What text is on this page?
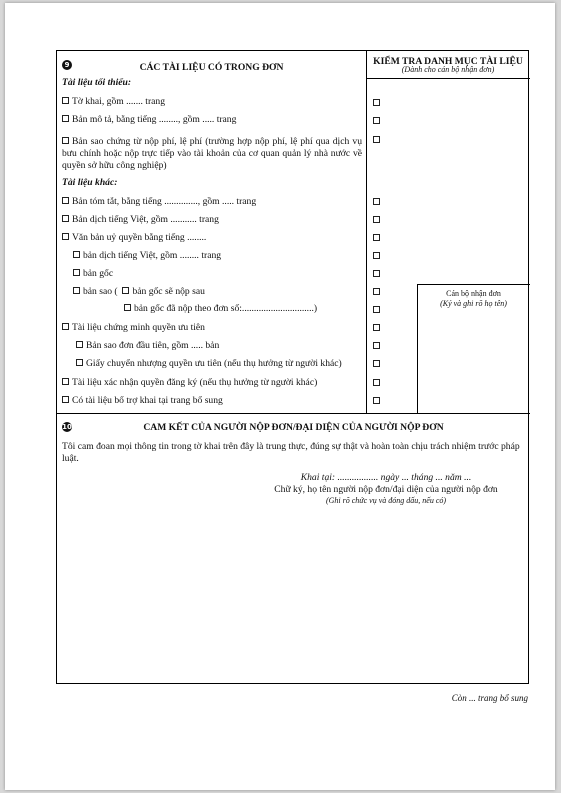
9	CÁC TÀI LIỆU CÓ TRONG ĐƠN
Tài liệu tối thiểu:
Tờ khai, gồm ....... trang
Bản mô tả, bằng tiếng ........, gồm ..... trang
Bản sao chứng từ nộp phí, lệ phí (trường hợp nộp phí, lệ phí qua dịch vụ bưu chính hoặc nộp trực tiếp vào tài khoản của cơ quan quản lý nhà nước về quyền sở hữu công nghiệp)
Tài liệu khác:
Bản tóm tắt, bằng tiếng .............., gồm ..... trang
Bản dịch tiếng Việt, gồm ........... trang
Văn bản uỷ quyền bằng tiếng ........
bản dịch tiếng Việt, gồm ........ trang
bản gốc
bản sao ( bản gốc sẽ nộp sau
bản gốc đã nộp theo đơn số:..............................)
Tài liệu chứng minh quyền ưu tiên
Bản sao đơn đầu tiên, gồm ..... bản
Giấy chuyển nhượng quyền ưu tiên (nếu thụ hưởng từ người khác)
Tài liệu xác nhận quyền đăng ký (nếu thụ hưởng từ người khác)
Có tài liệu bổ trợ khai tại trang bổ sung
KIỂM TRA DANH MỤC TÀI LIỆU
(Dành cho cán bộ nhận đơn)
Cán bộ nhận đơn
(Ký và ghi rõ họ tên)
10	CAM KẾT CỦA NGƯỜI NỘP ĐƠN/ĐẠI DIỆN CỦA NGƯỜI NỘP ĐƠN
Tôi cam đoan mọi thông tin trong tờ khai trên đây là trung thực, đúng sự thật và hoàn toàn chịu trách nhiệm trước pháp luật.
Khai tại: ................. ngày ... tháng ... năm ...
Chữ ký, họ tên người nộp đơn/đại diện của người nộp đơn
(Ghi rõ chức vụ và đóng dấu, nếu có)
Còn ... trang bổ sung
